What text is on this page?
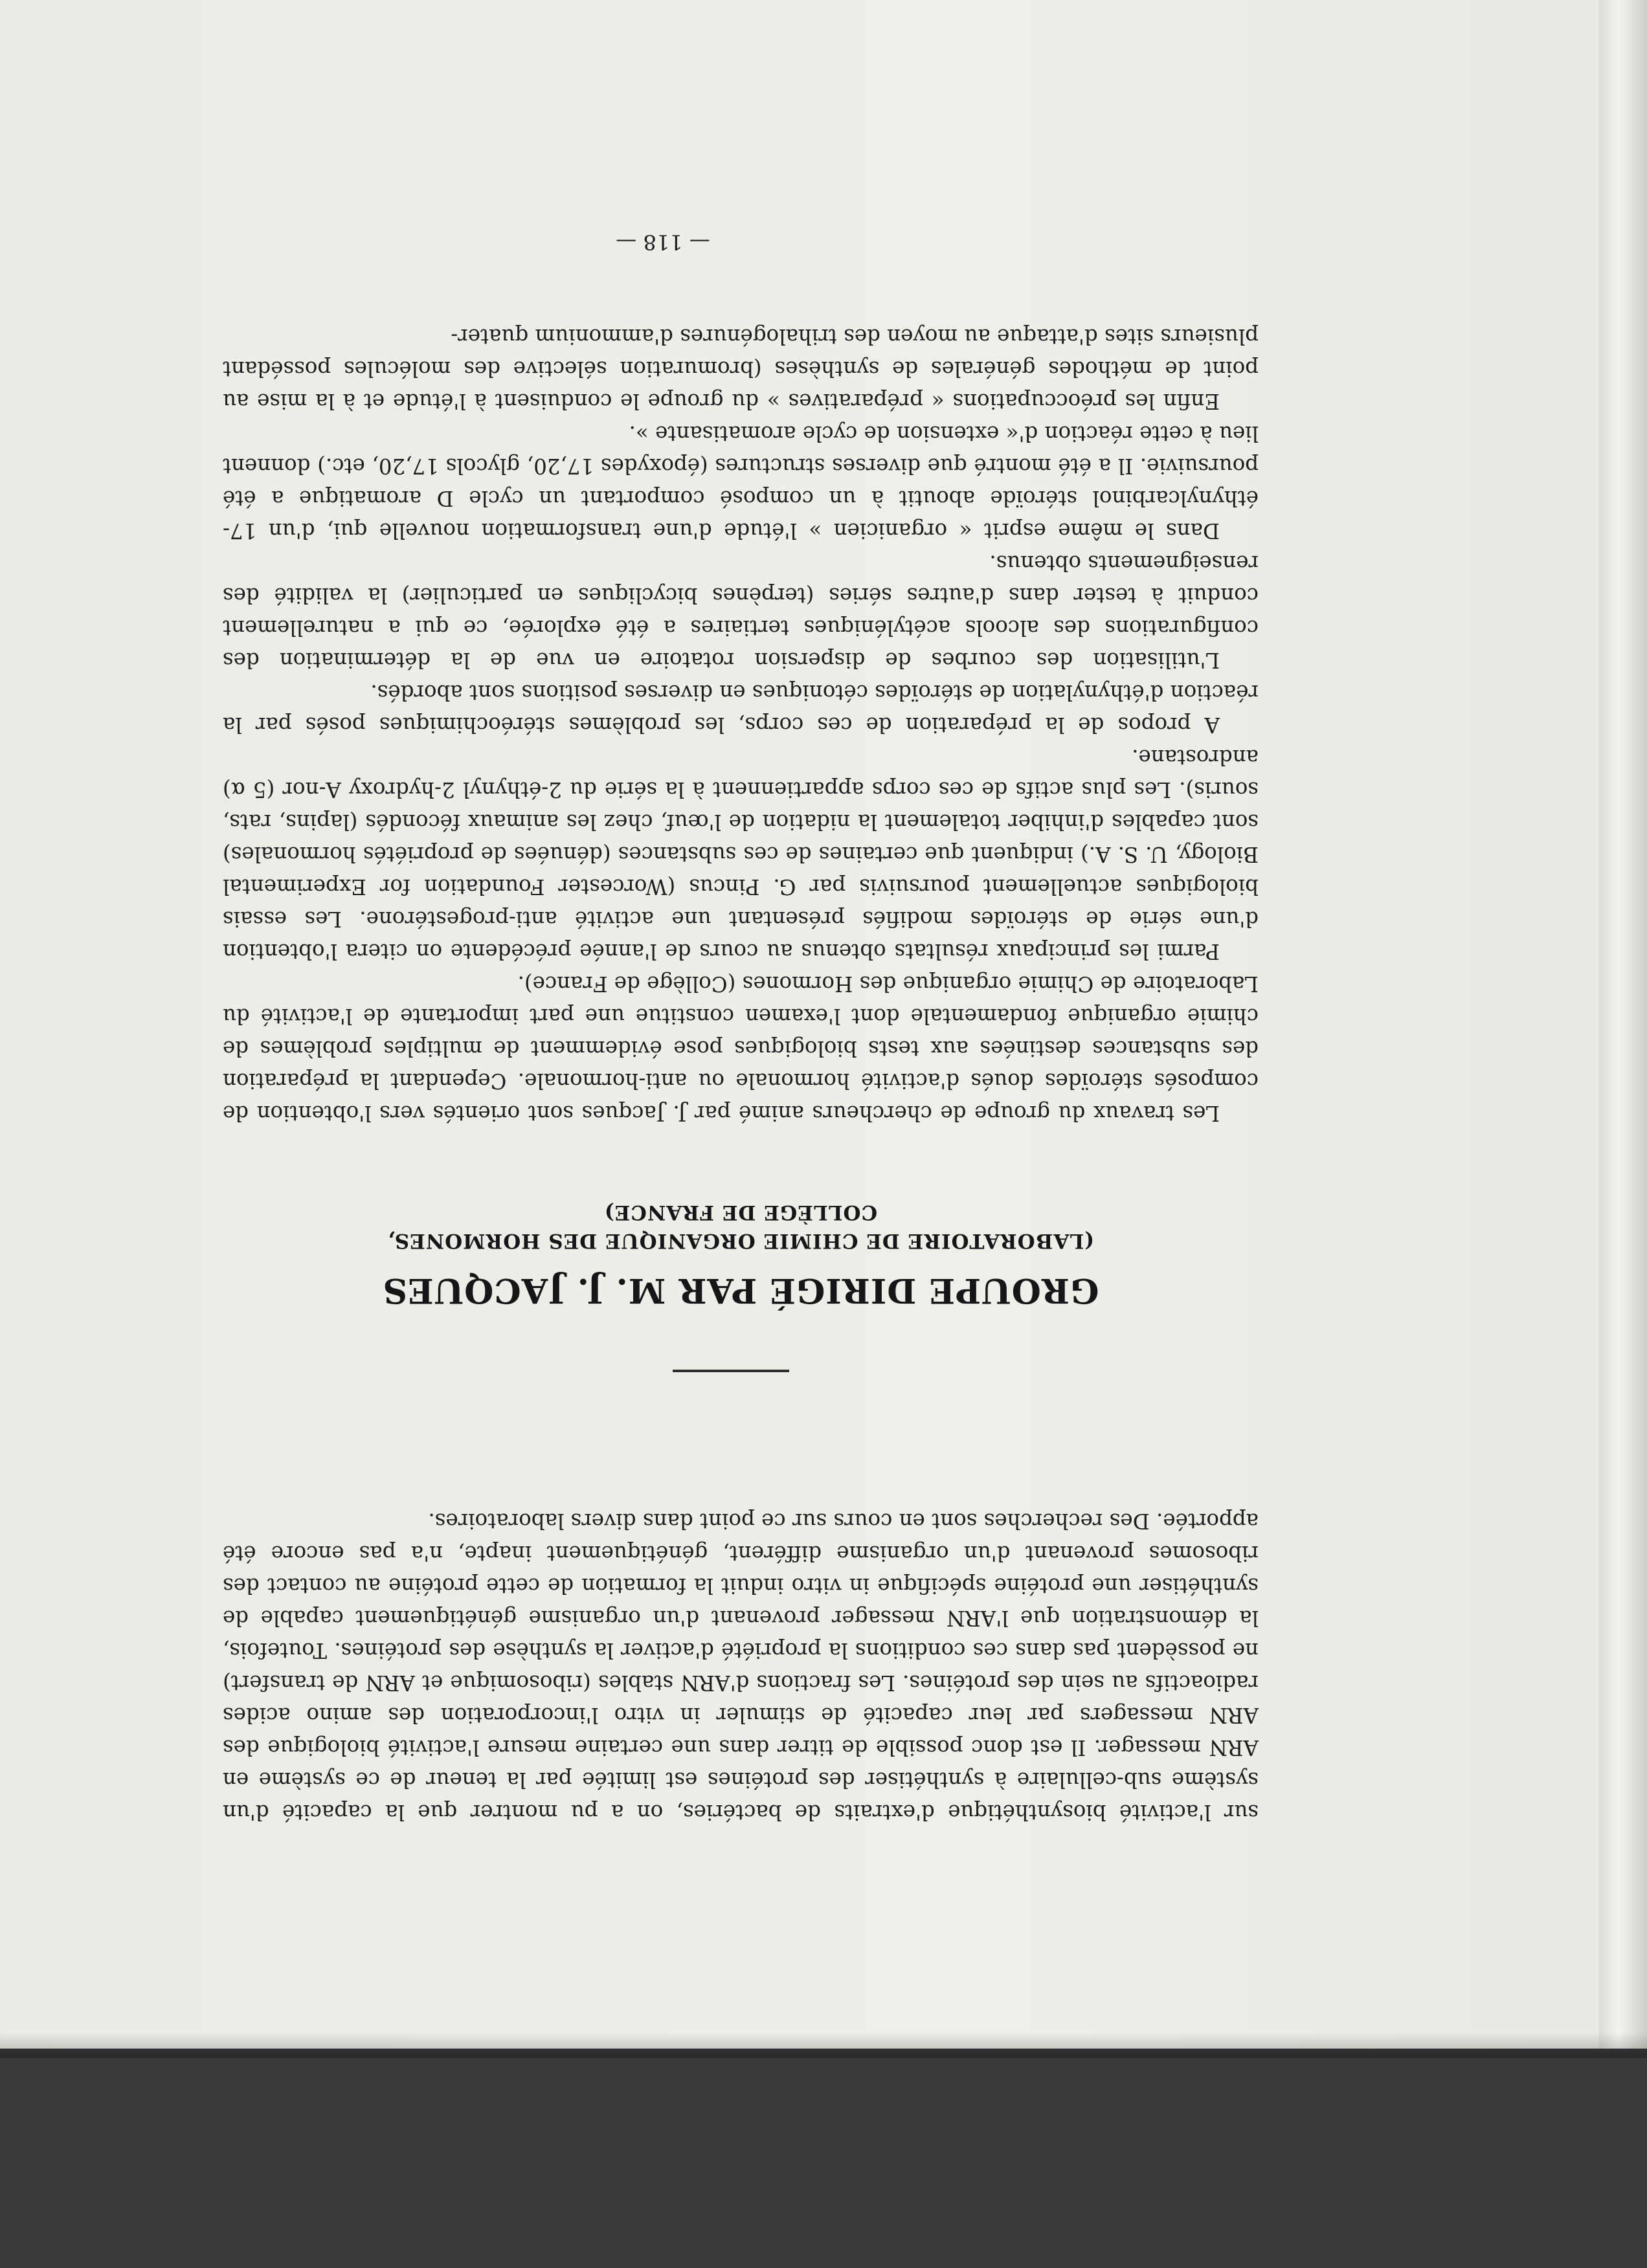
sur l'activité biosynthétique d'extraits de bactéries, on a pu montrer que la capacité d'un système sub-cellulaire à synthétiser des protéines est limitée par la teneur de ce système en ARN messager. Il est donc possible de titrer dans une certaine mesure l'activité biologique des ARN messagers par leur capacité de stimuler in vitro l'incorporation des amino acides radioactifs au sein des protéines. Les fractions d'ARN stables (ribosomique et ARN de transfert) ne possèdent pas dans ces conditions la propriété d'activer la synthèse des protéines. Toutefois, la démonstration que l'ARN messager provenant d'un organisme génétiquement capable de synthétiser une protéine spécifique in vitro induit la formation de cette protéine au contact des ribosomes provenant d'un organisme différent, génétiquement inapte, n'a pas encore été apportée. Des recherches sont en cours sur ce point dans divers laboratoires.

GROUPE DIRIGÉ PAR M. J. JACQUES
(LABORATOIRE DE CHIMIE ORGANIQUE DES HORMONES,
COLLÈGE DE FRANCE)

Les travaux du groupe de chercheurs animé par J. Jacques sont orientés vers l'obtention de composés stéroïdes doués d'activité hormonale ou anti-hormonale. Cependant la préparation des substances destinées aux tests biologiques pose évidemment de multiples problèmes de chimie organique fondamentale dont l'examen constitue une part importante de l'activité du Laboratoire de Chimie organique des Hormones (Collège de France).

Parmi les principaux résultats obtenus au cours de l'année précédente on citera l'obtention d'une série de stéroïdes modifiés présentant une activité anti-progestérone. Les essais biologiques actuellement poursuivis par G. Pincus (Worcester Foundation for Experimental Biology, U. S. A.) indiquent que certaines de ces substances (dénuées de propriétés hormonales) sont capables d'inhiber totalement la nidation de l'œuf, chez les animaux fécondés (lapins, rats, souris). Les plus actifs de ces corps appartiennent à la série du 2-éthynyl 2-hydroxy A-nor (5 α) androstane.

A propos de la préparation de ces corps, les problèmes stéréochimiques posés par la réaction d'éthynylation de stéroïdes cétoniques en diverses positions sont abordés.

L'utilisation des courbes de dispersion rotatoire en vue de la détermination des configurations des alcools acétyléniques tertiaires a été explorée, ce qui a naturellement conduit à tester dans d'autres séries (terpènes bicycliques en particulier) la validité des renseignements obtenus.

Dans le même esprit « organicien » l'étude d'une transformation nouvelle qui, d'un 17-éthynylcarbinol stéroïde aboutit à un composé comportant un cycle D aromatique a été poursuivie. Il a été montré que diverses structures (époxydes 17,20, glycols 17,20, etc.) donnent lieu à cette réaction d'« extension de cycle aromatisante ».

Enfin les préoccupations « préparatives » du groupe le conduisent à l'étude et à la mise au point de méthodes générales de synthèses (bromuration sélective des molécules possédant plusieurs sites d'attaque au moyen des trihalogénures d'ammonium quater-

— 118 —
